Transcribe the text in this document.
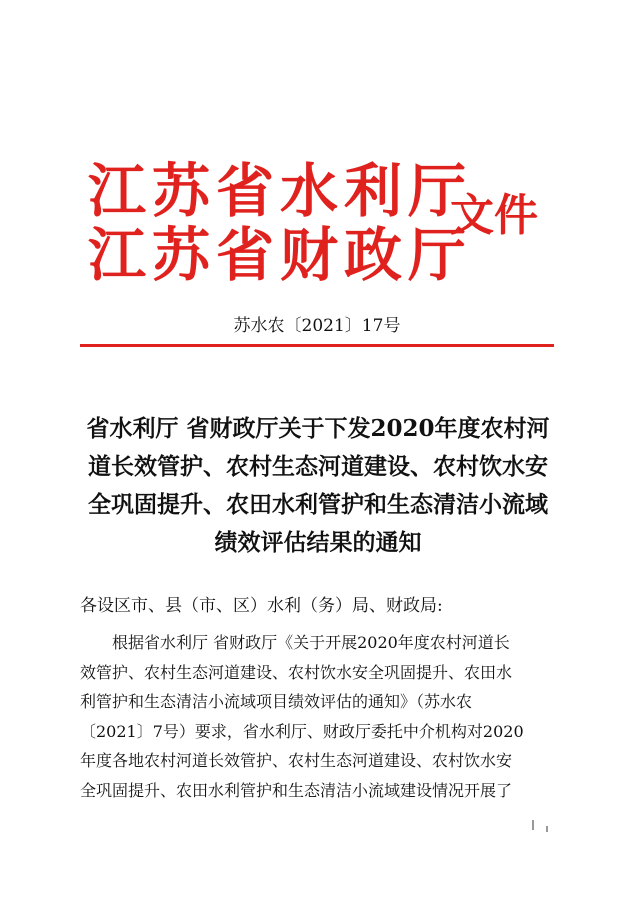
江苏省水利厅
江苏省财政厅
文件
苏水农〔2021〕17号
省水利厅 省财政厅关于下发2020年度农村河
道长效管护、农村生态河道建设、农村饮水安
全巩固提升、农田水利管护和生态清洁小流域
绩效评估结果的通知
各设区市、县（市、区）水利（务）局、财政局:
根据省水利厅 省财政厅《关于开展2020年度农村河道长
效管护、农村生态河道建设、农村饮水安全巩固提升、农田水
利管护和生态清洁小流域项目绩效评估的通知》（苏水农
〔2021〕7号）要求，省水利厅、财政厅委托中介机构对2020
年度各地农村河道长效管护、农村生态河道建设、农村饮水安
全巩固提升、农田水利管护和生态清洁小流域建设情况开展了
